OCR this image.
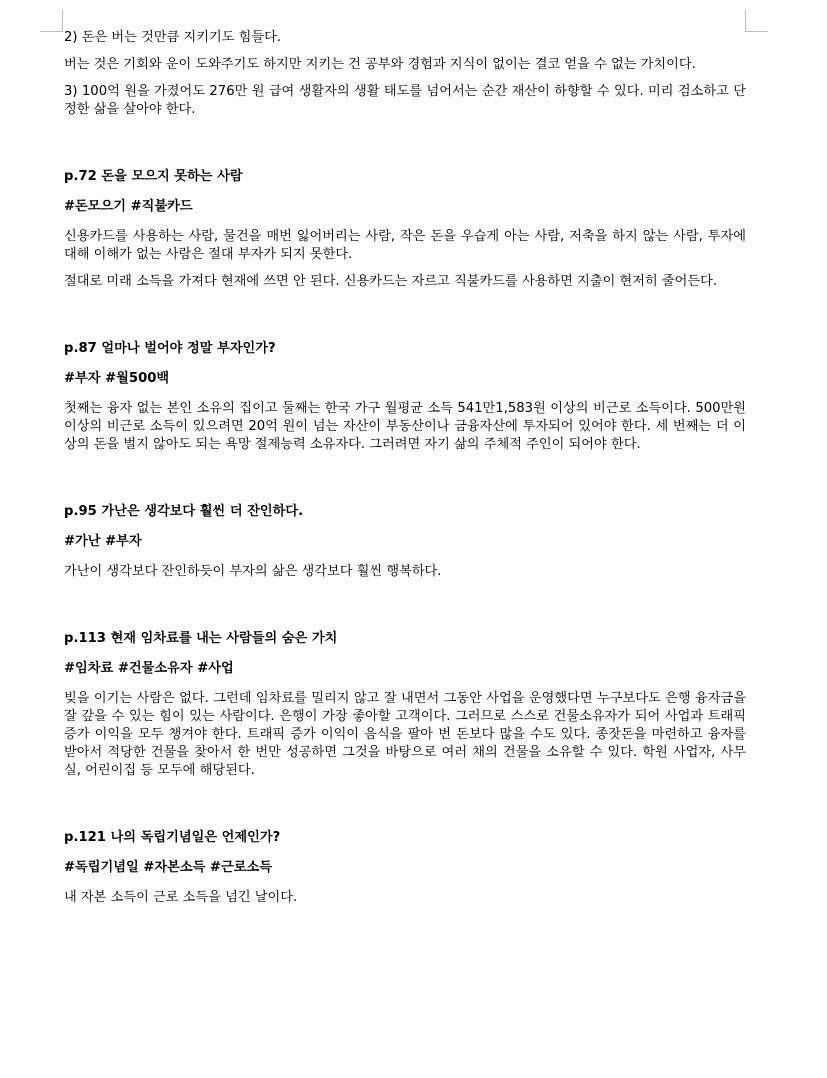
2) 돈은 버는 것만큼 지키기도 힘들다.

버는 것은 기회와 운이 도와주기도 하지만 지키는 건 공부와 경험과 지식이 없이는 결코 얻을 수 없는 가치이다.

3) 100억 원을 가졌어도 276만 원 급여 생활자의 생활 태도를 넘어서는 순간 재산이 하향할 수 있다. 미리 검소하고 단정한 삶을 살아야 한다.

p.72 돈을 모으지 못하는 사람

#돈모으기 #직불카드

신용카드를 사용하는 사람, 물건을 매번 잃어버리는 사람, 작은 돈을 우습게 아는 사람, 저축을 하지 않는 사람, 투자에 대해 이해가 없는 사람은 절대 부자가 되지 못한다.

절대로 미래 소득을 가져다 현재에 쓰면 안 된다. 신용카드는 자르고 직불카드를 사용하면 지출이 현저히 줄어든다.

p.87 얼마나 벌어야 정말 부자인가?

#부자 #월500백

첫째는 융자 없는 본인 소유의 집이고 둘째는 한국 가구 월평균 소득 541만1,583원 이상의 비근로 소득이다. 500만원 이상의 비근로 소득이 있으려면 20억 원이 넘는 자산이 부동산이나 금융자산에 투자되어 있어야 한다. 세 번째는 더 이상의 돈을 벌지 않아도 되는 욕망 절제능력 소유자다. 그러려면 자기 삶의 주체적 주인이 되어야 한다.

p.95 가난은 생각보다 훨씬 더 잔인하다.

#가난 #부자

가난이 생각보다 잔인하듯이 부자의 삶은 생각보다 훨씬 행복하다.

p.113 현재 임차료를 내는 사람들의 숨은 가치

#임차료 #건물소유자 #사업

빚을 이기는 사람은 없다. 그런데 임차료를 밀리지 않고 잘 내면서 그동안 사업을 운영했다면 누구보다도 은행 융자금을 잘 갚을 수 있는 힘이 있는 사람이다. 은행이 가장 좋아할 고객이다. 그러므로 스스로 건물소유자가 되어 사업과 트래픽 증가 이익을 모두 챙겨야 한다. 트래픽 증가 이익이 음식을 팔아 번 돈보다 많을 수도 있다. 종잣돈을 마련하고 융자를 받아서 적당한 건물을 찾아서 한 번만 성공하면 그것을 바탕으로 여러 채의 건물을 소유할 수 있다. 학원 사업자, 사무실, 어린이집 등 모두에 해당된다.

p.121 나의 독립기념일은 언제인가?

#독립기념일 #자본소득 #근로소득

내 자본 소득이 근로 소득을 넘긴 날이다.
